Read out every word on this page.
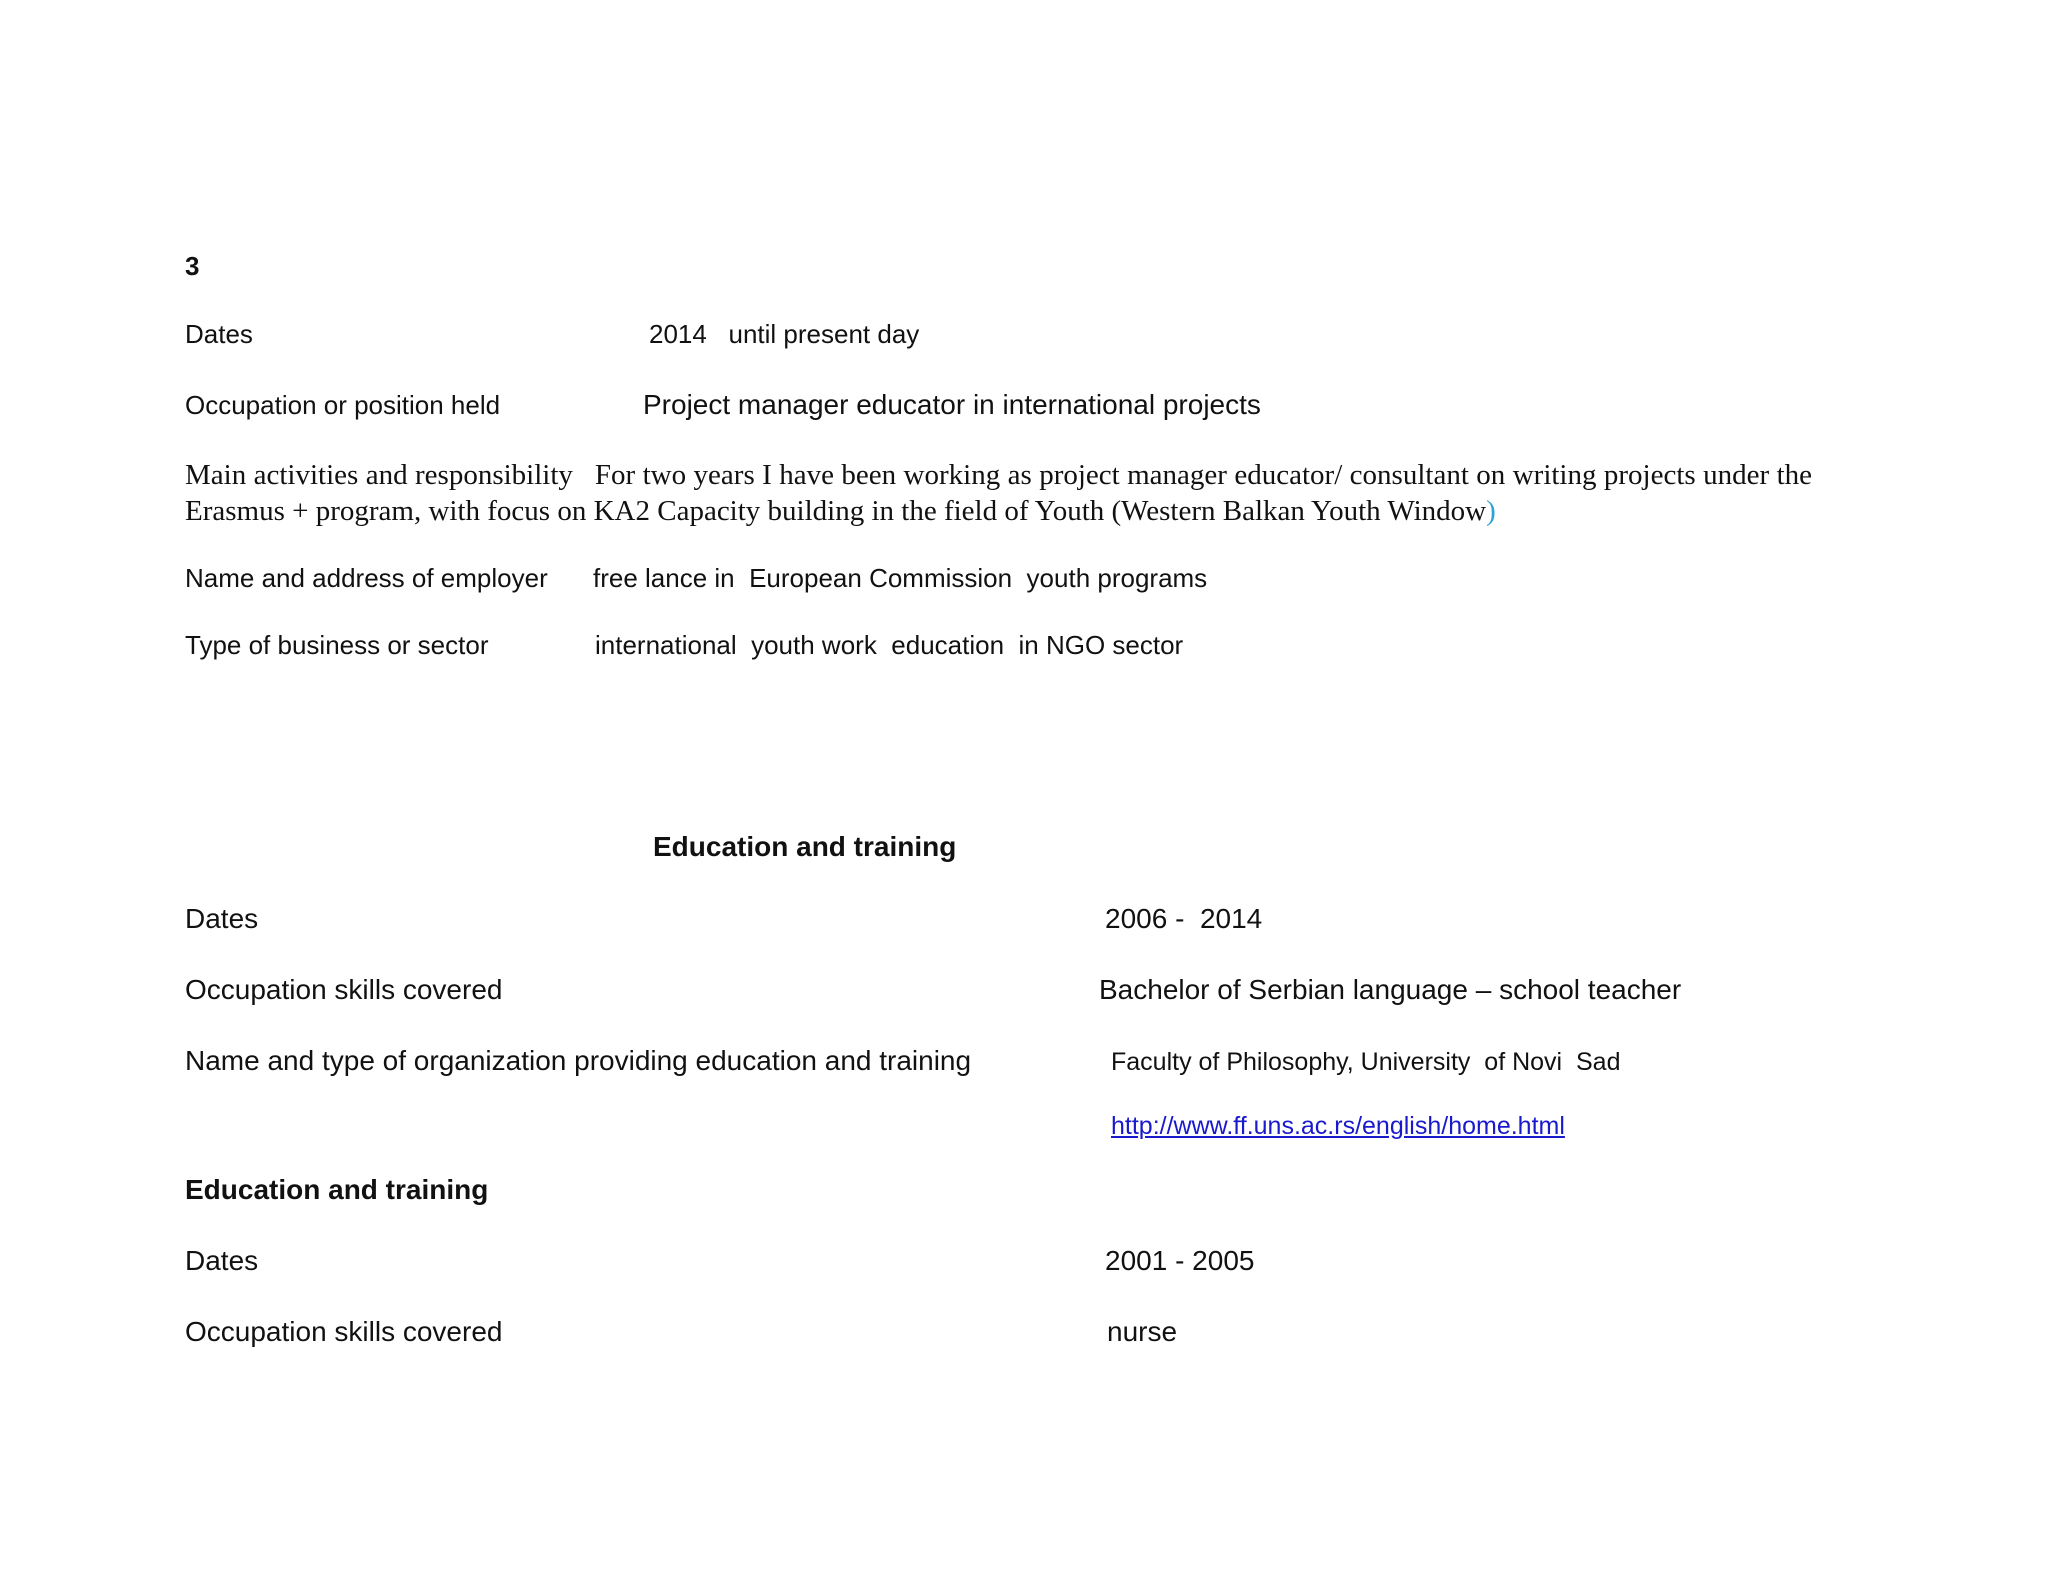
3
Dates	2014   until present day
Occupation or position held	Project manager educator in international projects
Main activities and responsibility For two years I have been working as project manager educator/ consultant on writing projects under the Erasmus + program, with focus on KA2 Capacity building in the field of Youth (Western Balkan Youth Window)
Name and address of employer free lance in  European Commission  youth programs
Type of business or sector	international  youth work  education  in NGO sector
Education and training
Dates	2006 -  2014
Occupation skills covered	Bachelor of Serbian language – school teacher
Name and type of organization providing education and training	Faculty of Philosophy, University  of Novi  Sad
http://www.ff.uns.ac.rs/english/home.html
Education and training
Dates	2001 - 2005
Occupation skills covered	nurse
